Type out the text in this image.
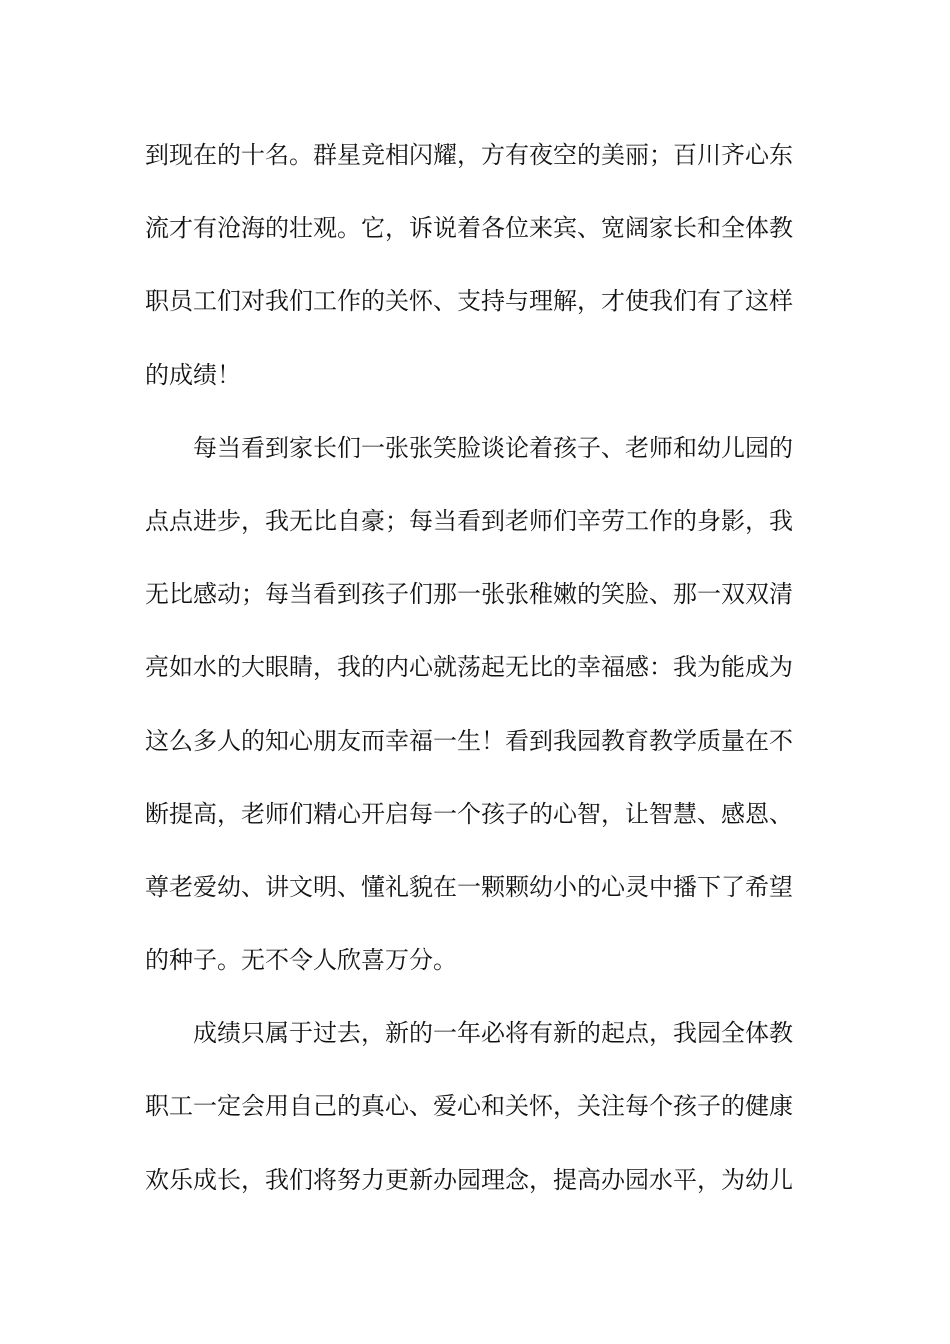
到现在的十名。群星竞相闪耀，方有夜空的美丽；百川齐心东
流才有沧海的壮观。它，诉说着各位来宾、宽阔家长和全体教
职员工们对我们工作的关怀、支持与理解，才使我们有了这样
的成绩！
每当看到家长们一张张笑脸谈论着孩子、老师和幼儿园的
点点进步，我无比自豪；每当看到老师们辛劳工作的身影，我
无比感动；每当看到孩子们那一张张稚嫩的笑脸、那一双双清
亮如水的大眼睛，我的内心就荡起无比的幸福感：我为能成为
这么多人的知心朋友而幸福一生！看到我园教育教学质量在不
断提高，老师们精心开启每一个孩子的心智，让智慧、感恩、
尊老爱幼、讲文明、懂礼貌在一颗颗幼小的心灵中播下了希望
的种子。无不令人欣喜万分。
成绩只属于过去，新的一年必将有新的起点，我园全体教
职工一定会用自己的真心、爱心和关怀，关注每个孩子的健康
欢乐成长，我们将努力更新办园理念，提高办园水平，为幼儿
